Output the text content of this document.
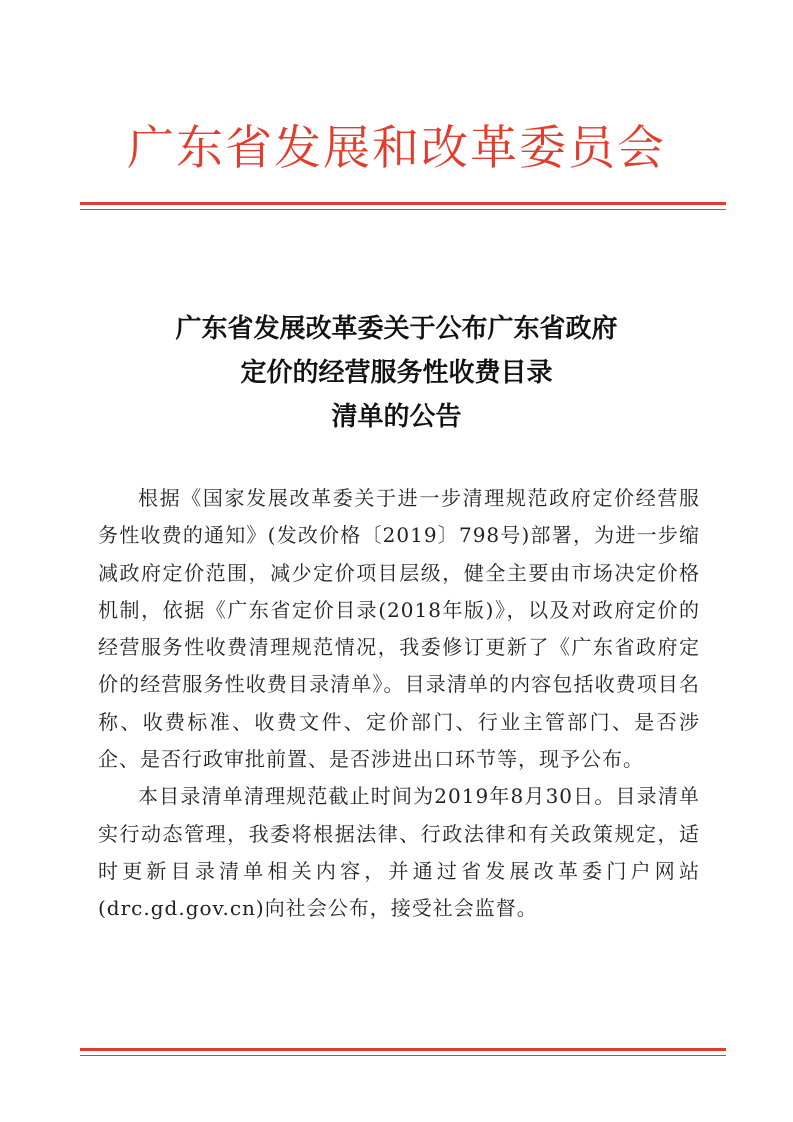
广东省发展和改革委员会
广东省发展改革委关于公布广东省政府
定价的经营服务性收费目录
清单的公告

根据《国家发展改革委关于进一步清理规范政府定价经营服务性收费的通知》(发改价格〔2019〕798号)部署，为进一步缩减政府定价范围，减少定价项目层级，健全主要由市场决定价格机制，依据《广东省定价目录(2018年版)》，以及对政府定价的经营服务性收费清理规范情况，我委修订更新了《广东省政府定价的经营服务性收费目录清单》。目录清单的内容包括收费项目名称、收费标准、收费文件、定价部门、行业主管部门、是否涉企、是否行政审批前置、是否涉进出口环节等，现予公布。

本目录清单清理规范截止时间为2019年8月30日。目录清单实行动态管理，我委将根据法律、行政法律和有关政策规定，适时更新目录清单相关内容，并通过省发展改革委门户网站(drc.gd.gov.cn)向社会公布，接受社会监督。
